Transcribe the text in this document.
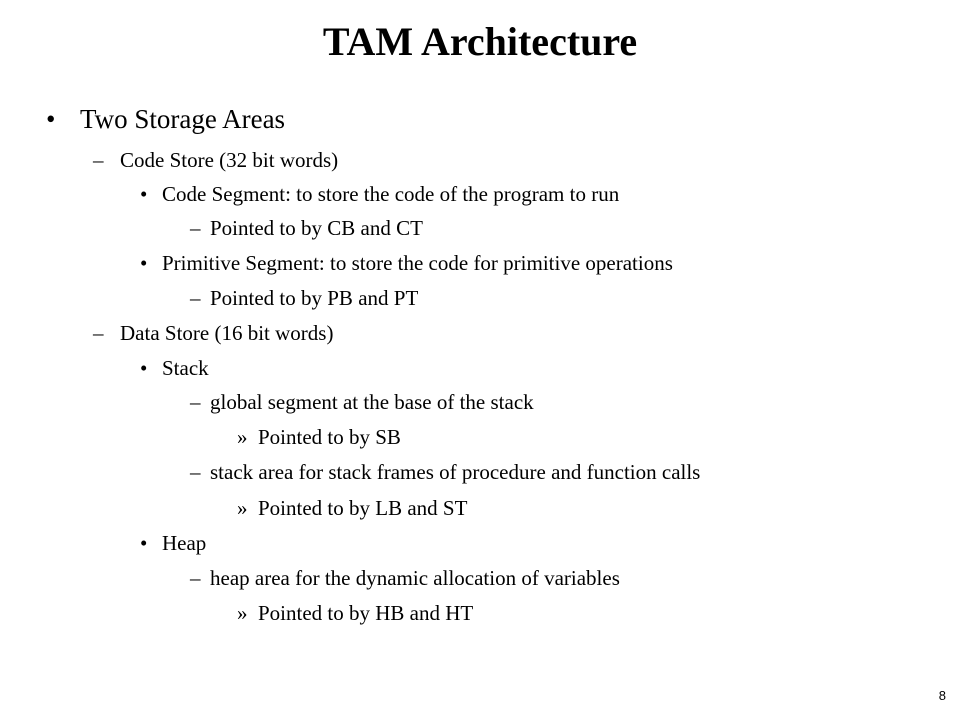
TAM Architecture
• Two Storage Areas
– Code Store (32 bit words)
• Code Segment: to store the code of the program to run
– Pointed to by CB and CT
• Primitive Segment: to store the code for primitive operations
– Pointed to by PB and PT
– Data Store (16 bit words)
• Stack
– global segment at the base of the stack
» Pointed to by SB
– stack area for stack frames of procedure and function calls
» Pointed to by LB and ST
• Heap
– heap area for the dynamic allocation of variables
» Pointed to by HB and HT
8
